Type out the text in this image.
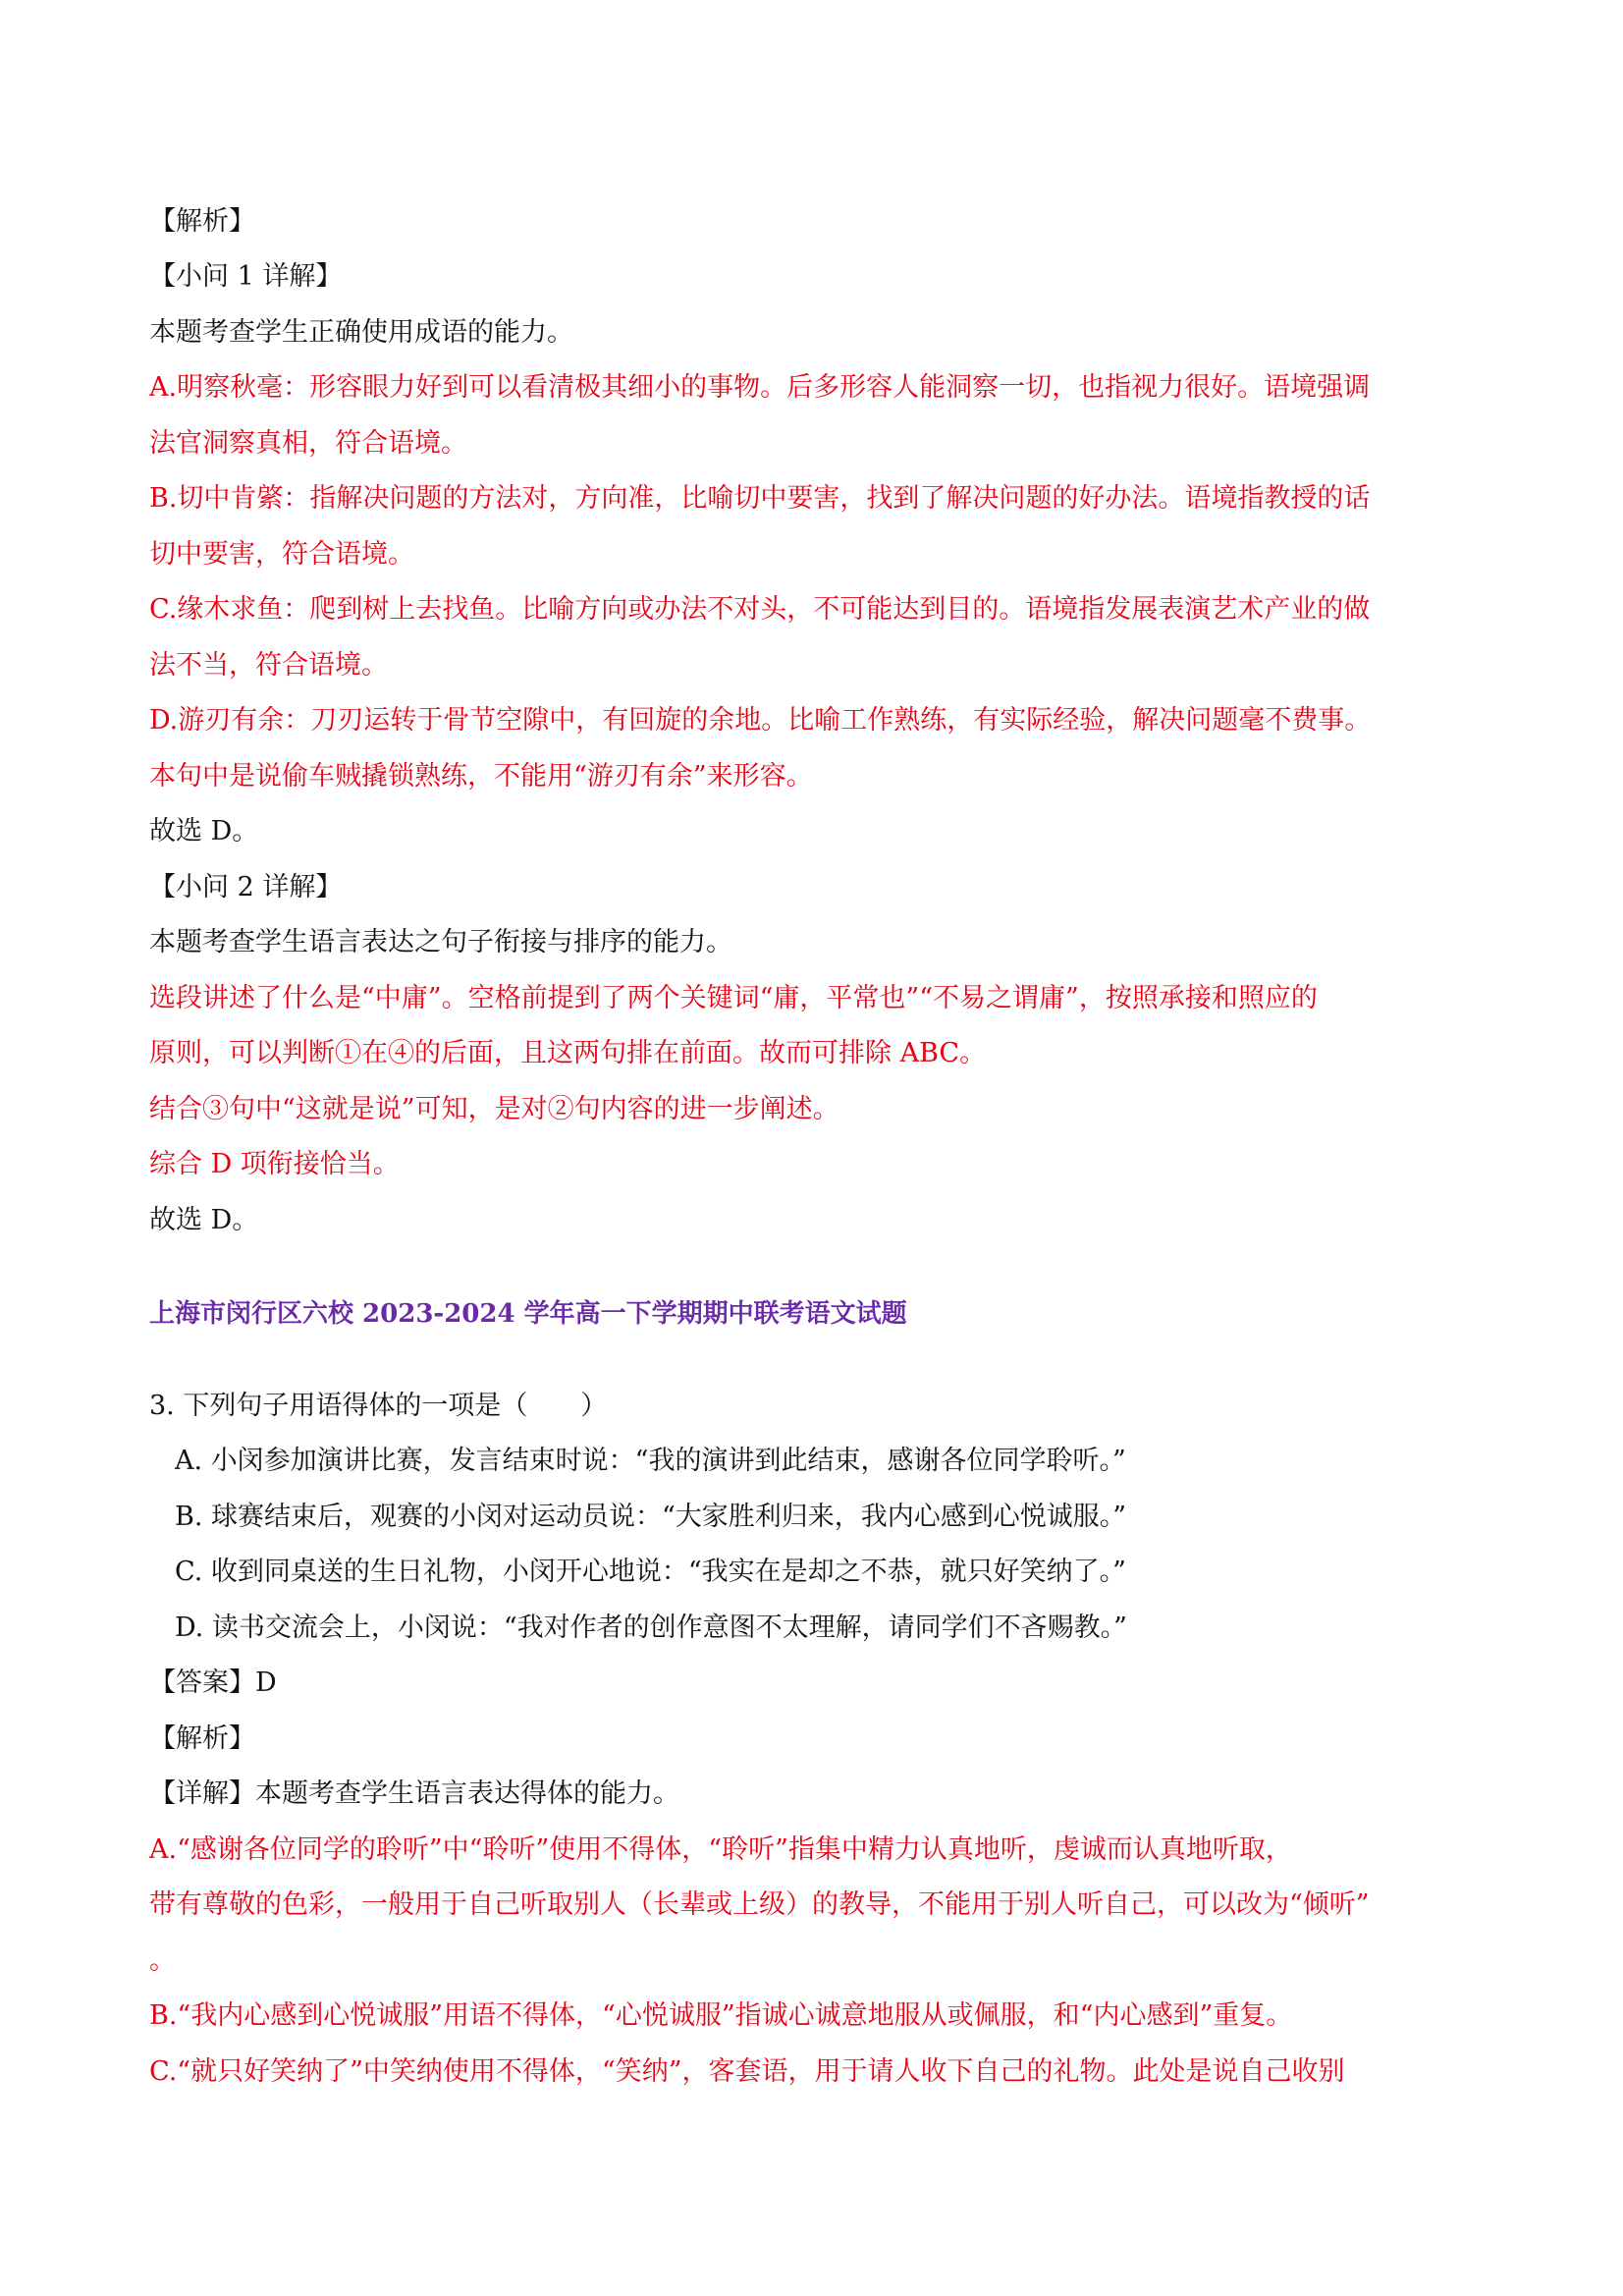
【解析】
【小问 1 详解】
本题考查学生正确使用成语的能力。
A.明察秋毫：形容眼力好到可以看清极其细小的事物。后多形容人能洞察一切，也指视力很好。语境强调
法官洞察真相，符合语境。
B.切中肯綮：指解决问题的方法对，方向准，比喻切中要害，找到了解决问题的好办法。语境指教授的话
切中要害，符合语境。
C.缘木求鱼：爬到树上去找鱼。比喻方向或办法不对头，不可能达到目的。语境指发展表演艺术产业的做
法不当，符合语境。
D.游刃有余：刀刃运转于骨节空隙中，有回旋的余地。比喻工作熟练，有实际经验，解决问题毫不费事。
本句中是说偷车贼撬锁熟练，不能用“游刃有余”来形容。
故选 D。
【小问 2 详解】
本题考查学生语言表达之句子衔接与排序的能力。
选段讲述了什么是“中庸”。空格前提到了两个关键词“庸，平常也”“不易之谓庸”，按照承接和照应的
原则，可以判断①在④的后面，且这两句排在前面。故而可排除 ABC。
结合③句中“这就是说”可知，是对②句内容的进一步阐述。
综合 D 项衔接恰当。
故选 D。
上海市闵行区六校 2023-2024 学年高一下学期期中联考语文试题
3. 下列句子用语得体的一项是（　　）
A. 小闵参加演讲比赛，发言结束时说：“我的演讲到此结束，感谢各位同学聆听。”
B. 球赛结束后，观赛的小闵对运动员说：“大家胜利归来，我内心感到心悦诚服。”
C. 收到同桌送的生日礼物，小闵开心地说：“我实在是却之不恭，就只好笑纳了。”
D. 读书交流会上，小闵说：“我对作者的创作意图不太理解，请同学们不吝赐教。”
【答案】D
【解析】
【详解】本题考查学生语言表达得体的能力。
A.“感谢各位同学的聆听”中“聆听”使用不得体，“聆听”指集中精力认真地听，虔诚而认真地听取，
带有尊敬的色彩，一般用于自己听取别人（长辈或上级）的教导，不能用于别人听自己，可以改为“倾听”
。
B.“我内心感到心悦诚服”用语不得体，“心悦诚服”指诚心诚意地服从或佩服，和“内心感到”重复。
C.“就只好笑纳了”中笑纳使用不得体，“笑纳”，客套语，用于请人收下自己的礼物。此处是说自己收别
